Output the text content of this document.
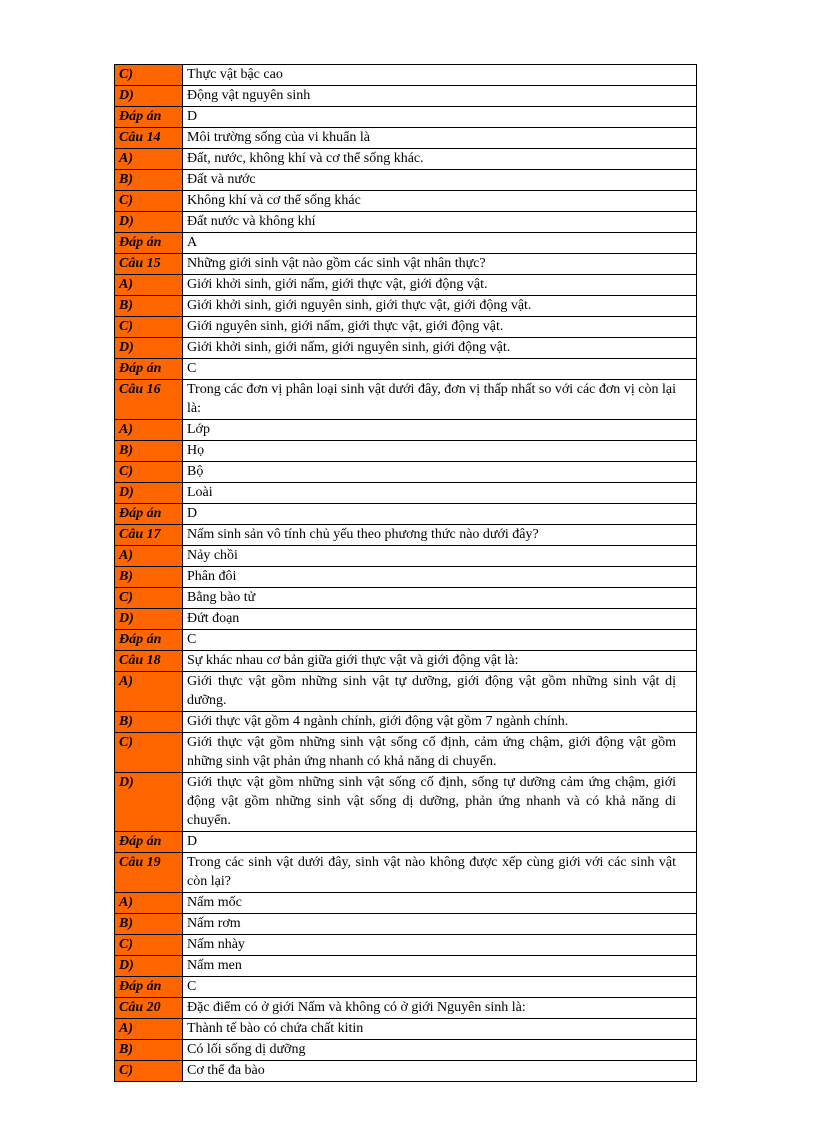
C)	Thực vật bậc cao
D)	Động vật nguyên sinh
Đáp án	D
Câu 14	Môi trường sống của vi khuẩn là
A)	Đất, nước, không khí và cơ thể sống khác.
B)	Đất và nước
C)	Không khí và cơ thể sống khác
D)	Đất nước và không khí
Đáp án	A
Câu 15	Những giới sinh vật nào gồm các sinh vật nhân thực?
A)	Giới khởi sinh, giới nấm, giới thực vật, giới động vật.
B)	Giới khởi sinh, giới nguyên sinh, giới thực vật, giới động vật.
C)	Giới nguyên sinh, giới nấm, giới thực vật, giới động vật.
D)	Giới khởi sinh, giới nấm, giới nguyên sinh, giới động vật.
Đáp án	C
Câu 16	Trong các đơn vị phân loại sinh vật dưới đây, đơn vị thấp nhất so với các đơn vị còn lại là:
A)	Lớp
B)	Họ
C)	Bộ
D)	Loài
Đáp án	D
Câu 17	Nấm sinh sản vô tính chủ yếu theo phương thức nào dưới đây?
A)	Nảy chồi
B)	Phân đôi
C)	Bằng bào tử
D)	Đứt đoạn
Đáp án	C
Câu 18	Sự khác nhau cơ bản giữa giới thực vật và giới động vật là:
A)	Giới thực vật gồm những sinh vật tự dưỡng, giới động vật gồm những sinh vật dị dưỡng.
B)	Giới thực vật gồm 4 ngành chính, giới động vật gồm 7 ngành chính.
C)	Giới thực vật gồm những sinh vật sống cố định, cảm ứng chậm, giới động vật gồm những sinh vật phản ứng nhanh có khả năng di chuyển.
D)	Giới thực vật gồm những sinh vật sống cố định, sống tự dưỡng cảm ứng chậm, giới động vật gồm những sinh vật sống dị dưỡng, phản ứng nhanh và có khả năng di chuyển.
Đáp án	D
Câu 19	Trong các sinh vật dưới đây, sinh vật nào không được xếp cùng giới với các sinh vật còn lại?
A)	Nấm mốc
B)	Nấm rơm
C)	Nấm nhày
D)	Nấm men
Đáp án	C
Câu 20	Đặc điểm có ở giới Nấm và không có ở giới Nguyên sinh là:
A)	Thành tế bào có chứa chất kitin
B)	Có lối sống dị dưỡng
C)	Cơ thể đa bào
